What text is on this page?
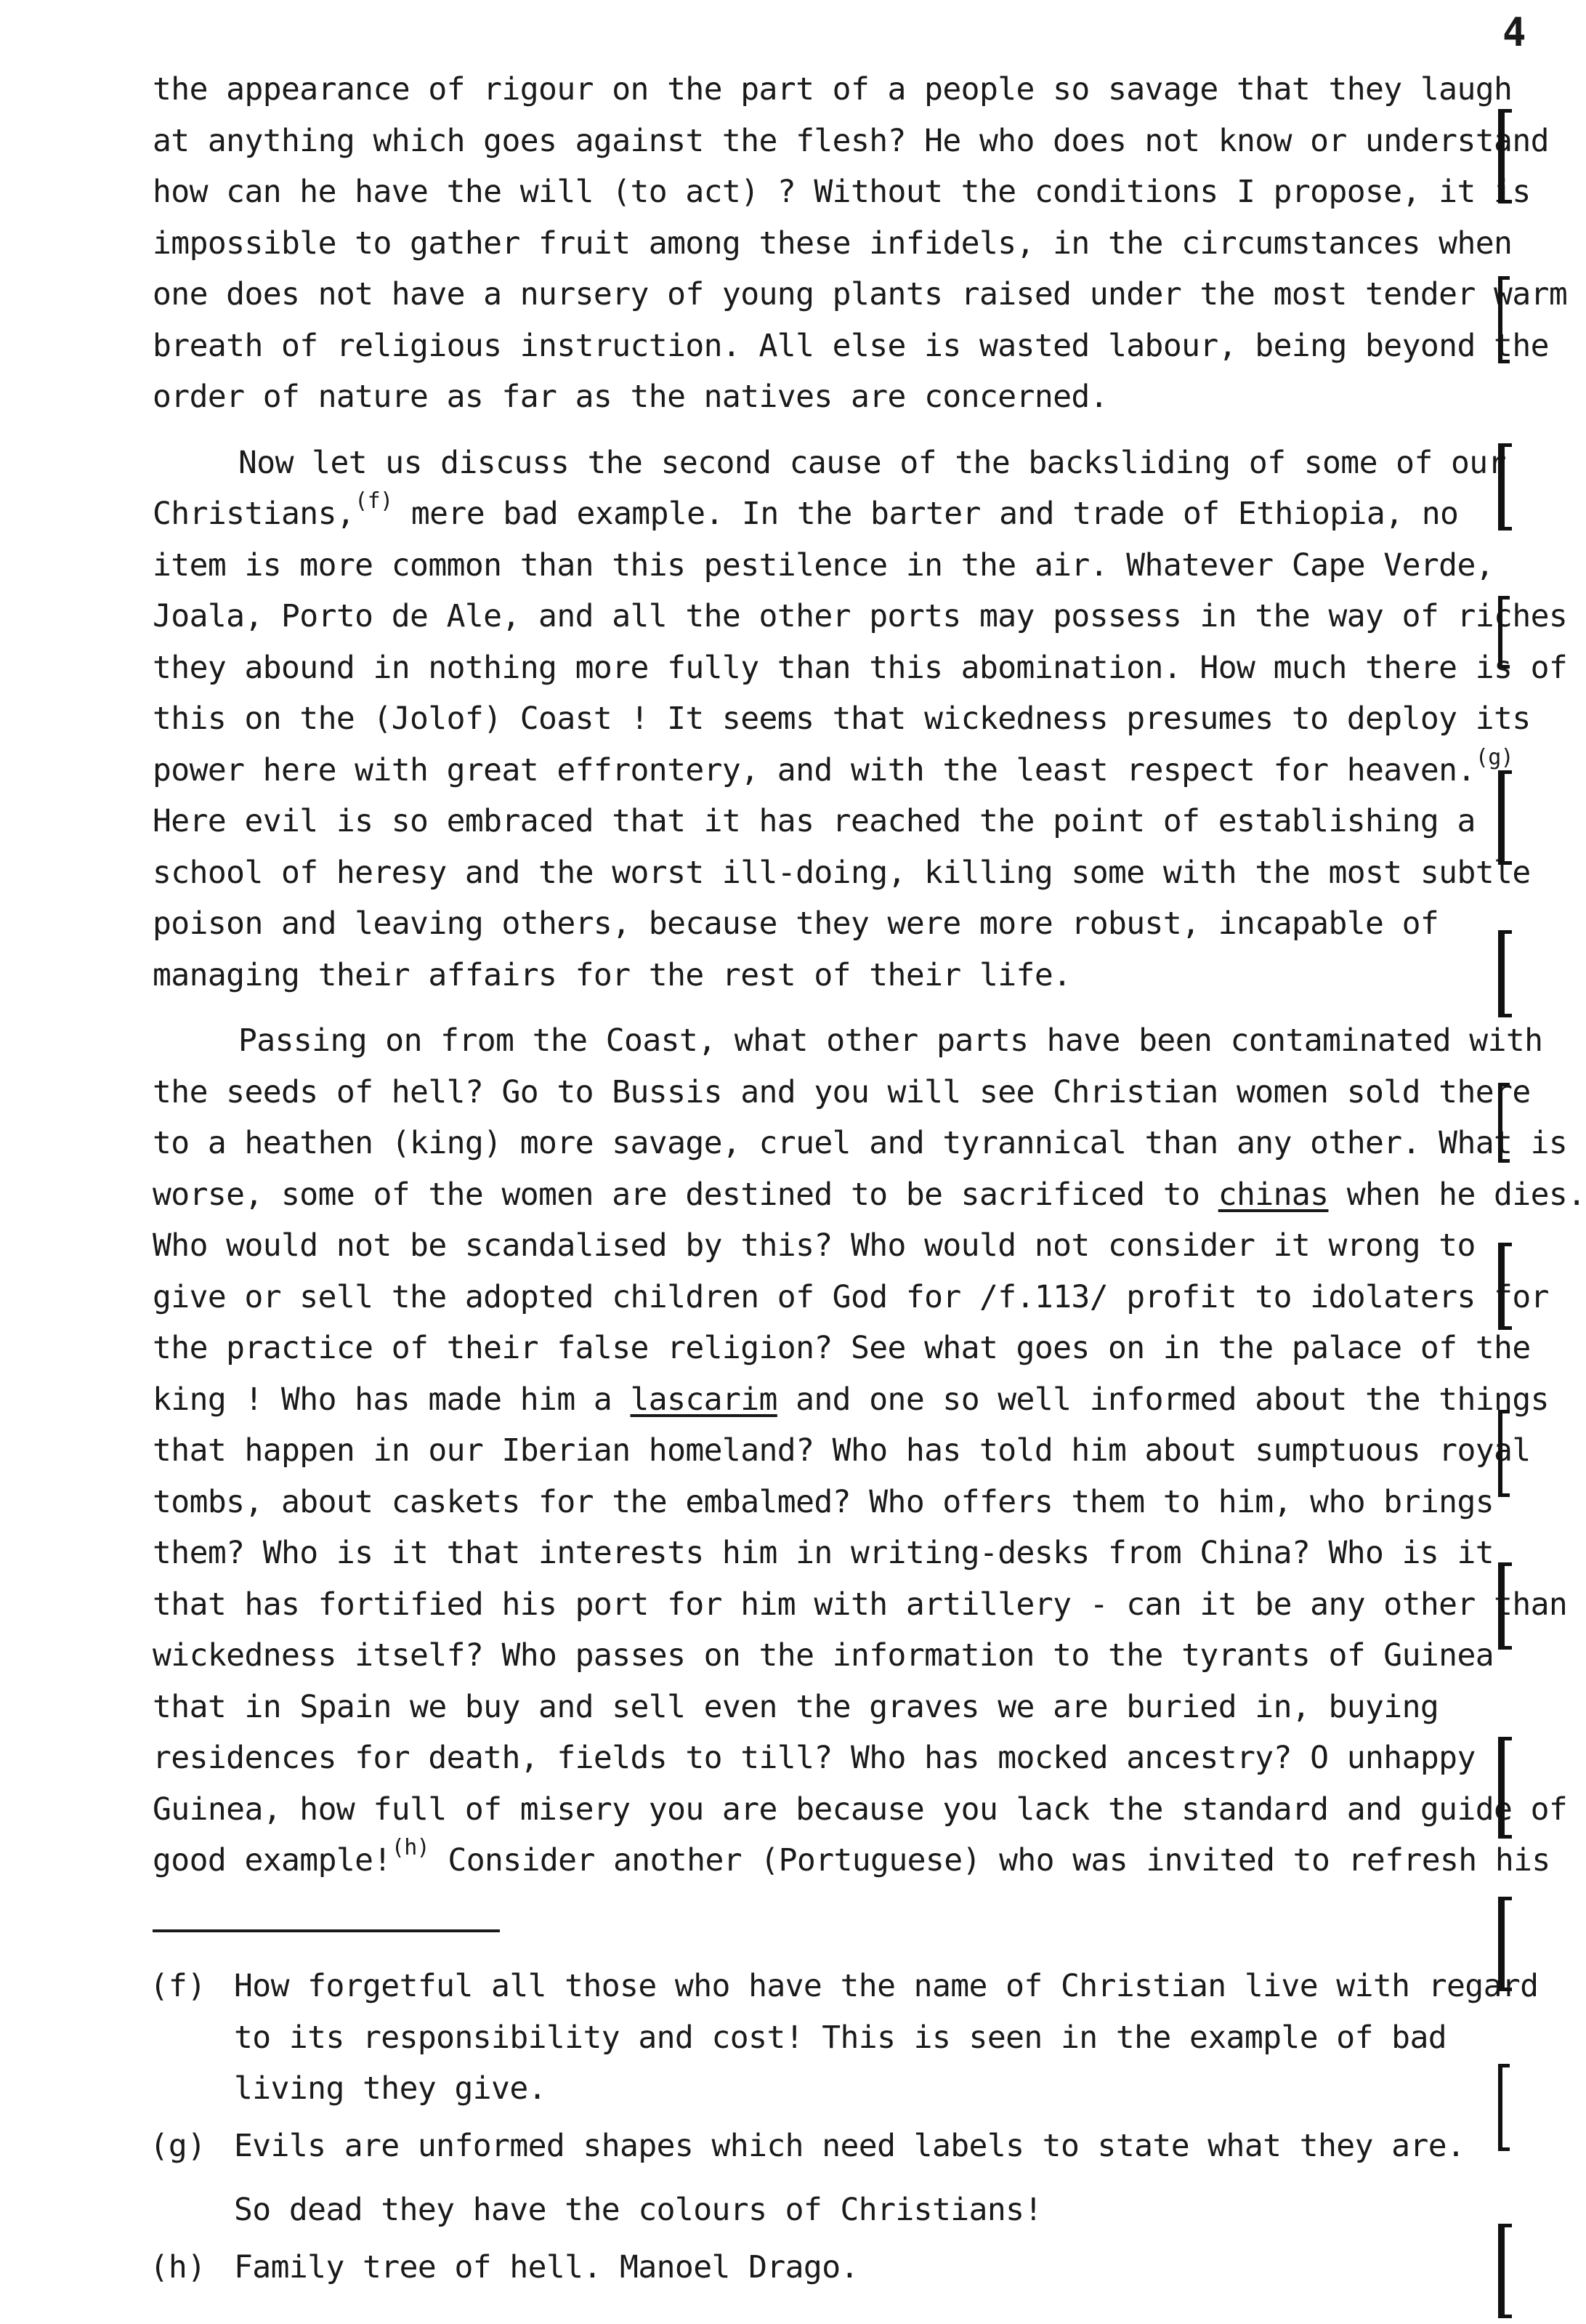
4
the appearance of rigour on the part of a people so savage that they laugh
at anything which goes against the flesh? He who does not know or understand
how can he have the will (to act) ? Without the conditions I propose, it is
impossible to gather fruit among these infidels, in the circumstances when
one does not have a nursery of young plants raised under the most tender warm
breath of religious instruction. All else is wasted labour, being beyond the
order of nature as far as the natives are concerned.
Now let us discuss the second cause of the backsliding of some of our
Christians,$^{(f)}$ mere bad example. In the barter and trade of Ethiopia, no
item is more common than this pestilence in the air. Whatever Cape Verde,
Joala, Porto de Ale, and all the other ports may possess in the way of riches
they abound in nothing more fully than this abomination. How much there is of
this on the (Jolof) Coast ! It seems that wickedness presumes to deploy its
power here with great effrontery, and with the least respect for heaven.$^{(g)}$
Here evil is so embraced that it has reached the point of establishing a
school of heresy and the worst ill-doing, killing some with the most subtle
poison and leaving others, because they were more robust, incapable of
managing their affairs for the rest of their life.
Passing on from the Coast, what other parts have been contaminated with
the seeds of hell? Go to Bussis and you will see Christian women sold there
to a heathen (king) more savage, cruel and tyrannical than any other. What is
worse, some of the women are destined to be sacrificed to chinas when he dies.
Who would not be scandalised by this? Who would not consider it wrong to
give or sell the adopted children of God for /f.113/ profit to idolaters for
the practice of their false religion? See what goes on in the palace of the
king ! Who has made him a lascarim and one so well informed about the things
that happen in our Iberian homeland? Who has told him about sumptuous royal
tombs, about caskets for the embalmed? Who offers them to him, who brings
them? Who is it that interests him in writing-desks from China? Who is it
that has fortified his port for him with artillery - can it be any other than
wickedness itself? Who passes on the information to the tyrants of Guinea
that in Spain we buy and sell even the graves we are buried in, buying
residences for death, fields to till? Who has mocked ancestry? O unhappy
Guinea, how full of misery you are because you lack the standard and guide of
good example!$^{(h)}$ Consider another (Portuguese) who was invited to refresh his
(f) How forgetful all those who have the name of Christian live with regard
to its responsibility and cost! This is seen in the example of bad
living they give.
(g) Evils are unformed shapes which need labels to state what they are.
So dead they have the colours of Christians!
(h) Family tree of hell. Manoel Drago.
